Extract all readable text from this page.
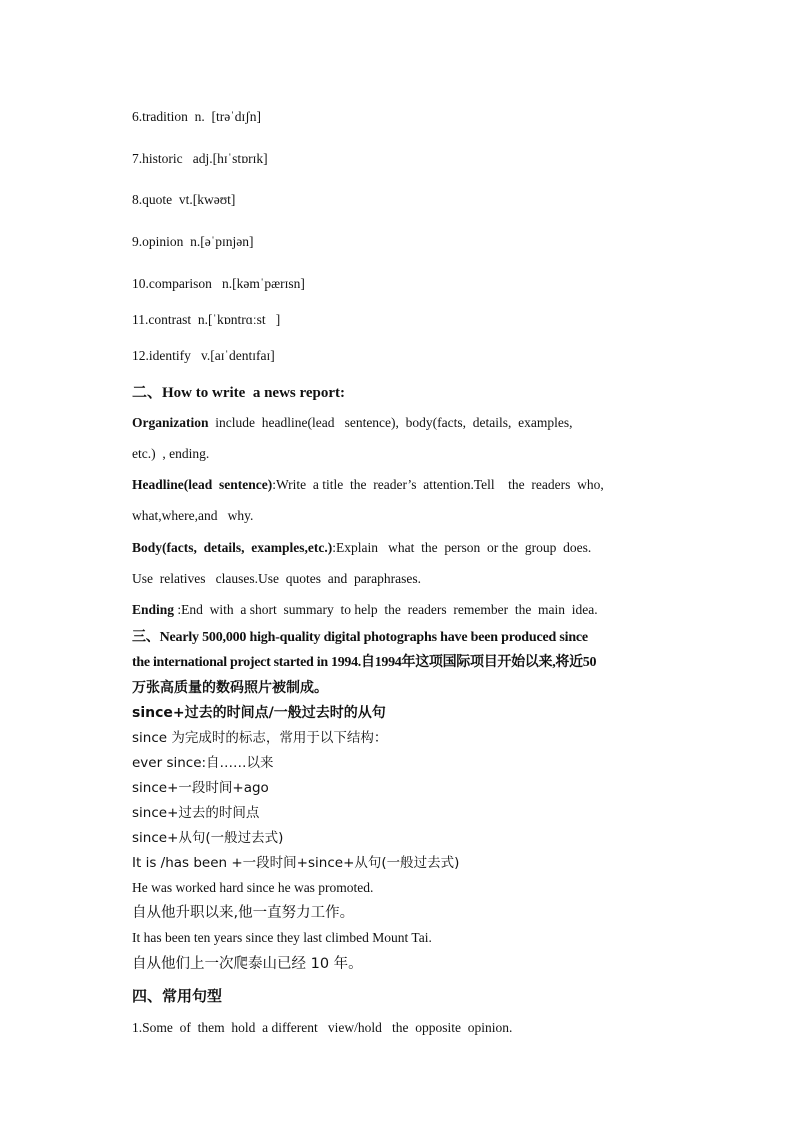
6.tradition  n.  [trəˈdɪʃn]
7.historic   adj.[hɪˈstɒrɪk]
8.quote  vt.[kwəʊt]
9.opinion  n.[əˈpɪnjən]
10.comparison   n.[kəmˈpærɪsn]
11.contrast  n.[ˈkɒntrɑːst   ]
12.identify   v.[aɪˈdentɪfaɪ]
二、How to write  a news report:
Organization  include  headline(lead   sentence),  body(facts,  details,  examples,
etc.)  , ending.
Headline(lead  sentence):Write  a title  the  reader’s  attention.Tell    the  readers  who,
what,where,and   why.
Body(facts,  details,  examples,etc.):Explain   what  the  person  or the  group  does.
Use  relatives   clauses.Use  quotes  and  paraphrases.
Ending :End  with  a short  summary  to help  the  readers  remember  the  main  idea.
三、Nearly 500,000 high-quality digital photographs have been produced since
the international project started in 1994.自1994年这项国际项目开始以来,将近50
万张高质量的数码照片被制成。
since+过去的时间点/一般过去时的从句
since 为完成时的标志，常用于以下结构：
ever since:自……以来
since+一段时间+ago
since+过去的时间点
since+从句(一般过去式)
It is /has been +一段时间+since+从句(一般过去式)
He was worked hard since he was promoted.
自从他升职以来,他一直努力工作。
It has been ten years since they last climbed Mount Tai.
自从他们上一次爬泰山已经 10 年。
四、常用句型
1.Some  of  them  hold  a different   view/hold   the  opposite  opinion.
